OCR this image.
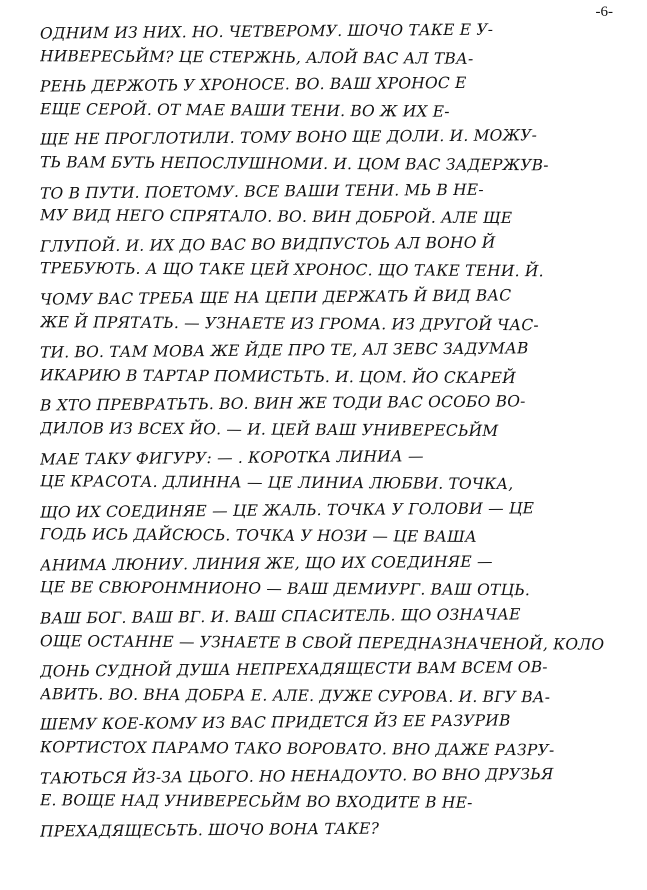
-6-
ОДНИМ ИЗ НИХ. НО. ЧЕТВЕРОМУ. ШОЧО ТАКЕ Е У-
НИВЕРЕСЬЙМ? ЦЕ СТЕРЖНЬ, АЛОЙ ВАС АЛ ТВА-
РЕНЬ ДЕРЖОТЬ У ХРОНОСЕ. ВО. ВАШ ХРОНОС Е
ЕЩЕ СЕРОЙ. ОТ МАЕ ВАШИ ТЕНИ. ВО Ж ИХ Е-
ЩЕ НЕ ПРОГЛОТИЛИ. ТОМУ ВОНО ЩЕ ДОЛИ. И. МОЖУ-
ТЬ ВАМ БУТЬ НЕПОСЛУШНОМИ. И. ЦОМ ВАС ЗАДЕРЖУВ-
ТО В ПУТИ. ПОЕТОМУ. ВСЕ ВАШИ ТЕНИ. МЬ В НЕ-
МУ ВИД НЕГО СПРЯТАЛО. ВО. ВИН ДОБРОЙ. АЛЕ ЩЕ
ГЛУПОЙ. И. ИХ ДО ВАС ВО ВИДПУСТОЬ АЛ ВОНО Й
ТРЕБУЮТЬ. А ЩО ТАКЕ ЦЕЙ ХРОНОС. ЩО ТАКЕ ТЕНИ. Й.
ЧОМУ ВАС ТРЕБА ЩЕ НА ЦЕПИ ДЕРЖАТЬ Й ВИД ВАС
ЖЕ Й ПРЯТАТЬ. — УЗНАЕТЕ ИЗ ГРОМА. ИЗ ДРУГОЙ ЧАС-
ТИ. ВО. ТАМ МОВА ЖЕ ЙДЕ ПРО ТЕ, АЛ ЗЕВС ЗАДУМАВ
ИКАРИЮ В ТАРТАР ПОМИСТЬТЬ. И. ЦОМ. ЙО СКАРЕЙ
В ХТО ПРЕВРАТЬТЬ. ВО. ВИН ЖЕ ТОДИ ВАС ОСОБО ВО-
ДИЛОВ ИЗ ВСЕХ ЙО. — И. ЦЕЙ ВАШ УНИВЕРЕСЬЙМ
МАЕ ТАКУ ФИГУРУ: — . КОРОТКА ЛИНИА —
ЦЕ КРАСОТА. ДЛИННА — ЦЕ ЛИНИА ЛЮБВИ. ТОЧКА,
ЩО ИХ СОЕДИНЯЕ — ЦЕ ЖАЛЬ. ТОЧКА У ГОЛОВИ — ЦЕ
ГОДЬ ИСЬ ДАЙСЮСЬ. ТОЧКА У НОЗИ — ЦЕ ВАША
АНИМА ЛЮНИУ. ЛИНИЯ ЖЕ, ЩО ИХ СОЕДИНЯЕ —
ЦЕ ВЕ СВЮРОНМНИОНО — ВАШ ДЕМИУРГ. ВАШ ОТЦЬ.
ВАШ БОГ. ВАШ ВГ. И. ВАШ СПАСИТЕЛЬ. ЩО ОЗНАЧАЕ
ОЩЕ ОСТАННЕ — УЗНАЕТЕ В СВОЙ ПЕРЕДНАЗНАЧЕНОЙ, КОЛО
ДОНЬ СУДНОЙ ДУША НЕПРЕХАДЯЩЕСТИ ВАМ ВСЕМ ОВ-
АВИТЬ. ВО. ВНА ДОБРА Е. АЛЕ. ДУЖЕ СУРОВА. И. ВГУ ВА-
ШЕМУ КОЕ-КОМУ ИЗ ВАС ПРИДЕТСЯ ЙЗ ЕЕ РАЗУРИВ
КОРТИСТОХ ПАРАМО ТАКО ВОРОВАТО. ВНО ДАЖЕ РАЗРУ-
ТАЮТЬСЯ ЙЗ-ЗА ЦЬОГО. НО НЕНАДОУТО. ВО ВНО ДРУЗЬЯ
Е. ВОЩЕ НАД УНИВЕРЕСЬЙМ ВО ВХОДИТЕ В НЕ-
ПРЕХАДЯЩЕСЬТЬ. ШОЧО ВОНА ТАКЕ?
